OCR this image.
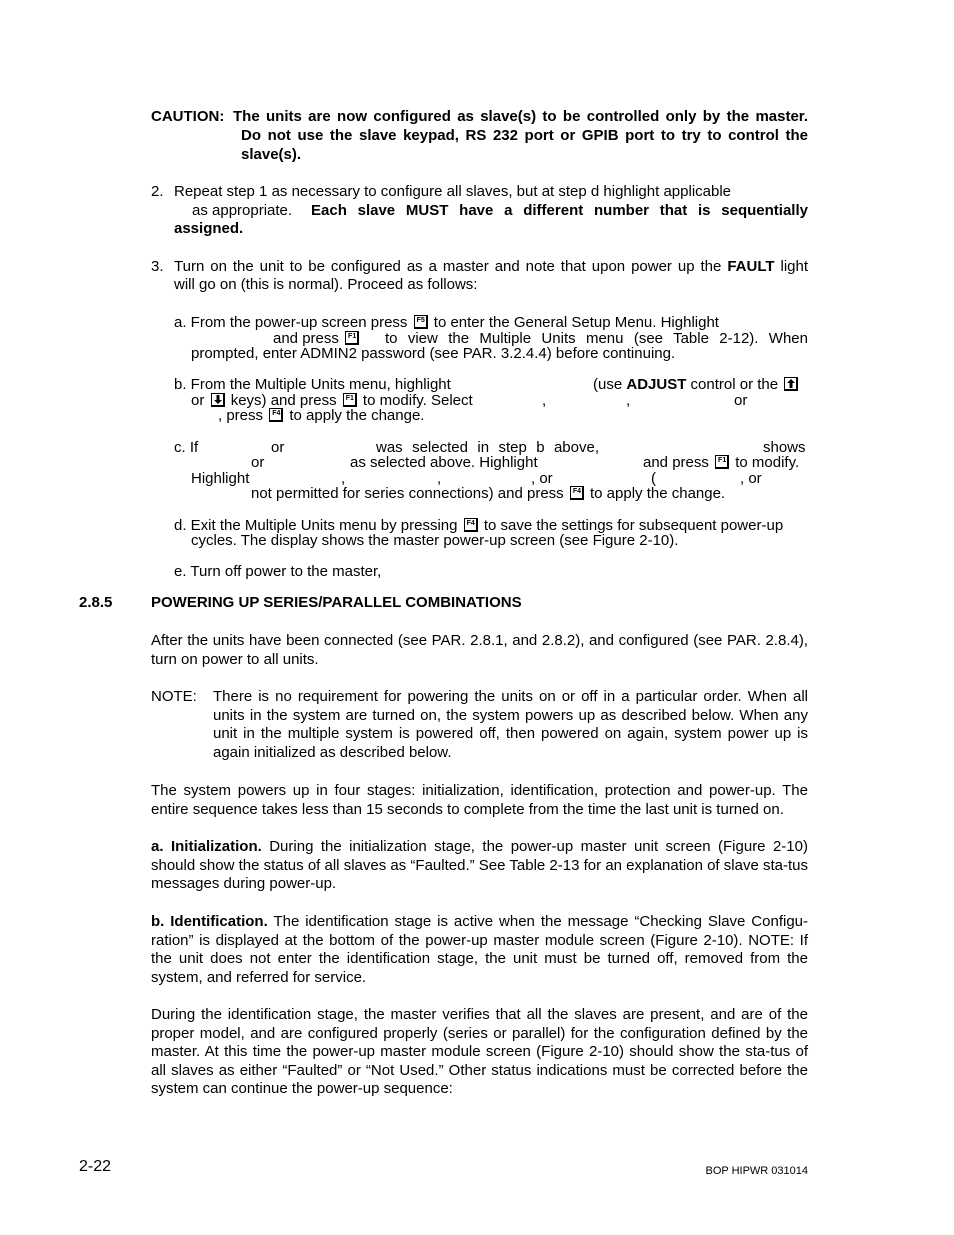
CAUTION: The units are now configured as slave(s) to be controlled only by the master.
Do not use the slave keypad, RS 232 port or GPIB port to try to control the
slave(s).
2. Repeat step 1 as necessary to configure all slaves, but at step d highlight applicable
as appropriate. Each slave MUST have a different number that is sequentially
assigned.
3. Turn on the unit to be configured as a master and note that upon power up the FAULT light
will go on (this is normal). Proceed as follows:
a. From the power-up screen press F5 to enter the General Setup Menu. Highlight
and press F1 to view the Multiple Units menu (see Table 2-12). When
prompted, enter ADMIN2 password (see PAR. 3.2.4.4) before continuing.
b. From the Multiple Units menu, highlight	(use ADJUST control or the
or keys) and press F1 to modify. Select	,	,	or
, press F4 to apply the change.
c. If	or	was selected in step b above,	shows
or	as selected above. Highlight	and press F1 to modify.
Highlight	,	,	, or	(	, or
not permitted for series connections) and press F4 to apply the change.
d. Exit the Multiple Units menu by pressing F4 to save the settings for subsequent power-up
cycles. The display shows the master power-up screen (see Figure 2-10).
e. Turn off power to the master,
2.8.5	POWERING UP SERIES/PARALLEL COMBINATIONS
After the units have been connected (see PAR. 2.8.1, and 2.8.2), and configured (see PAR. 2.8.4), turn on power to all units.
NOTE: There is no requirement for powering the units on or off in a particular order. When all units in the system are turned on, the system powers up as described below. When any unit in the multiple system is powered off, then powered on again, system power up is again initialized as described below.
The system powers up in four stages: initialization, identification, protection and power-up. The entire sequence takes less than 15 seconds to complete from the time the last unit is turned on.
a. Initialization. During the initialization stage, the power-up master unit screen (Figure 2-10) should show the status of all slaves as “Faulted.” See Table 2-13 for an explanation of slave sta-tus messages during power-up.
b. Identification. The identification stage is active when the message “Checking Slave Configu-ration” is displayed at the bottom of the power-up master module screen (Figure 2-10). NOTE: If the unit does not enter the identification stage, the unit must be turned off, removed from the system, and referred for service.
During the identification stage, the master verifies that all the slaves are present, and are of the proper model, and are configured properly (series or parallel) for the configuration defined by the master. At this time the power-up master module screen (Figure 2-10) should show the sta-tus of all slaves as either “Faulted” or “Not Used.” Other status indications must be corrected before the system can continue the power-up sequence:
2-22	BOP HIPWR 031014
